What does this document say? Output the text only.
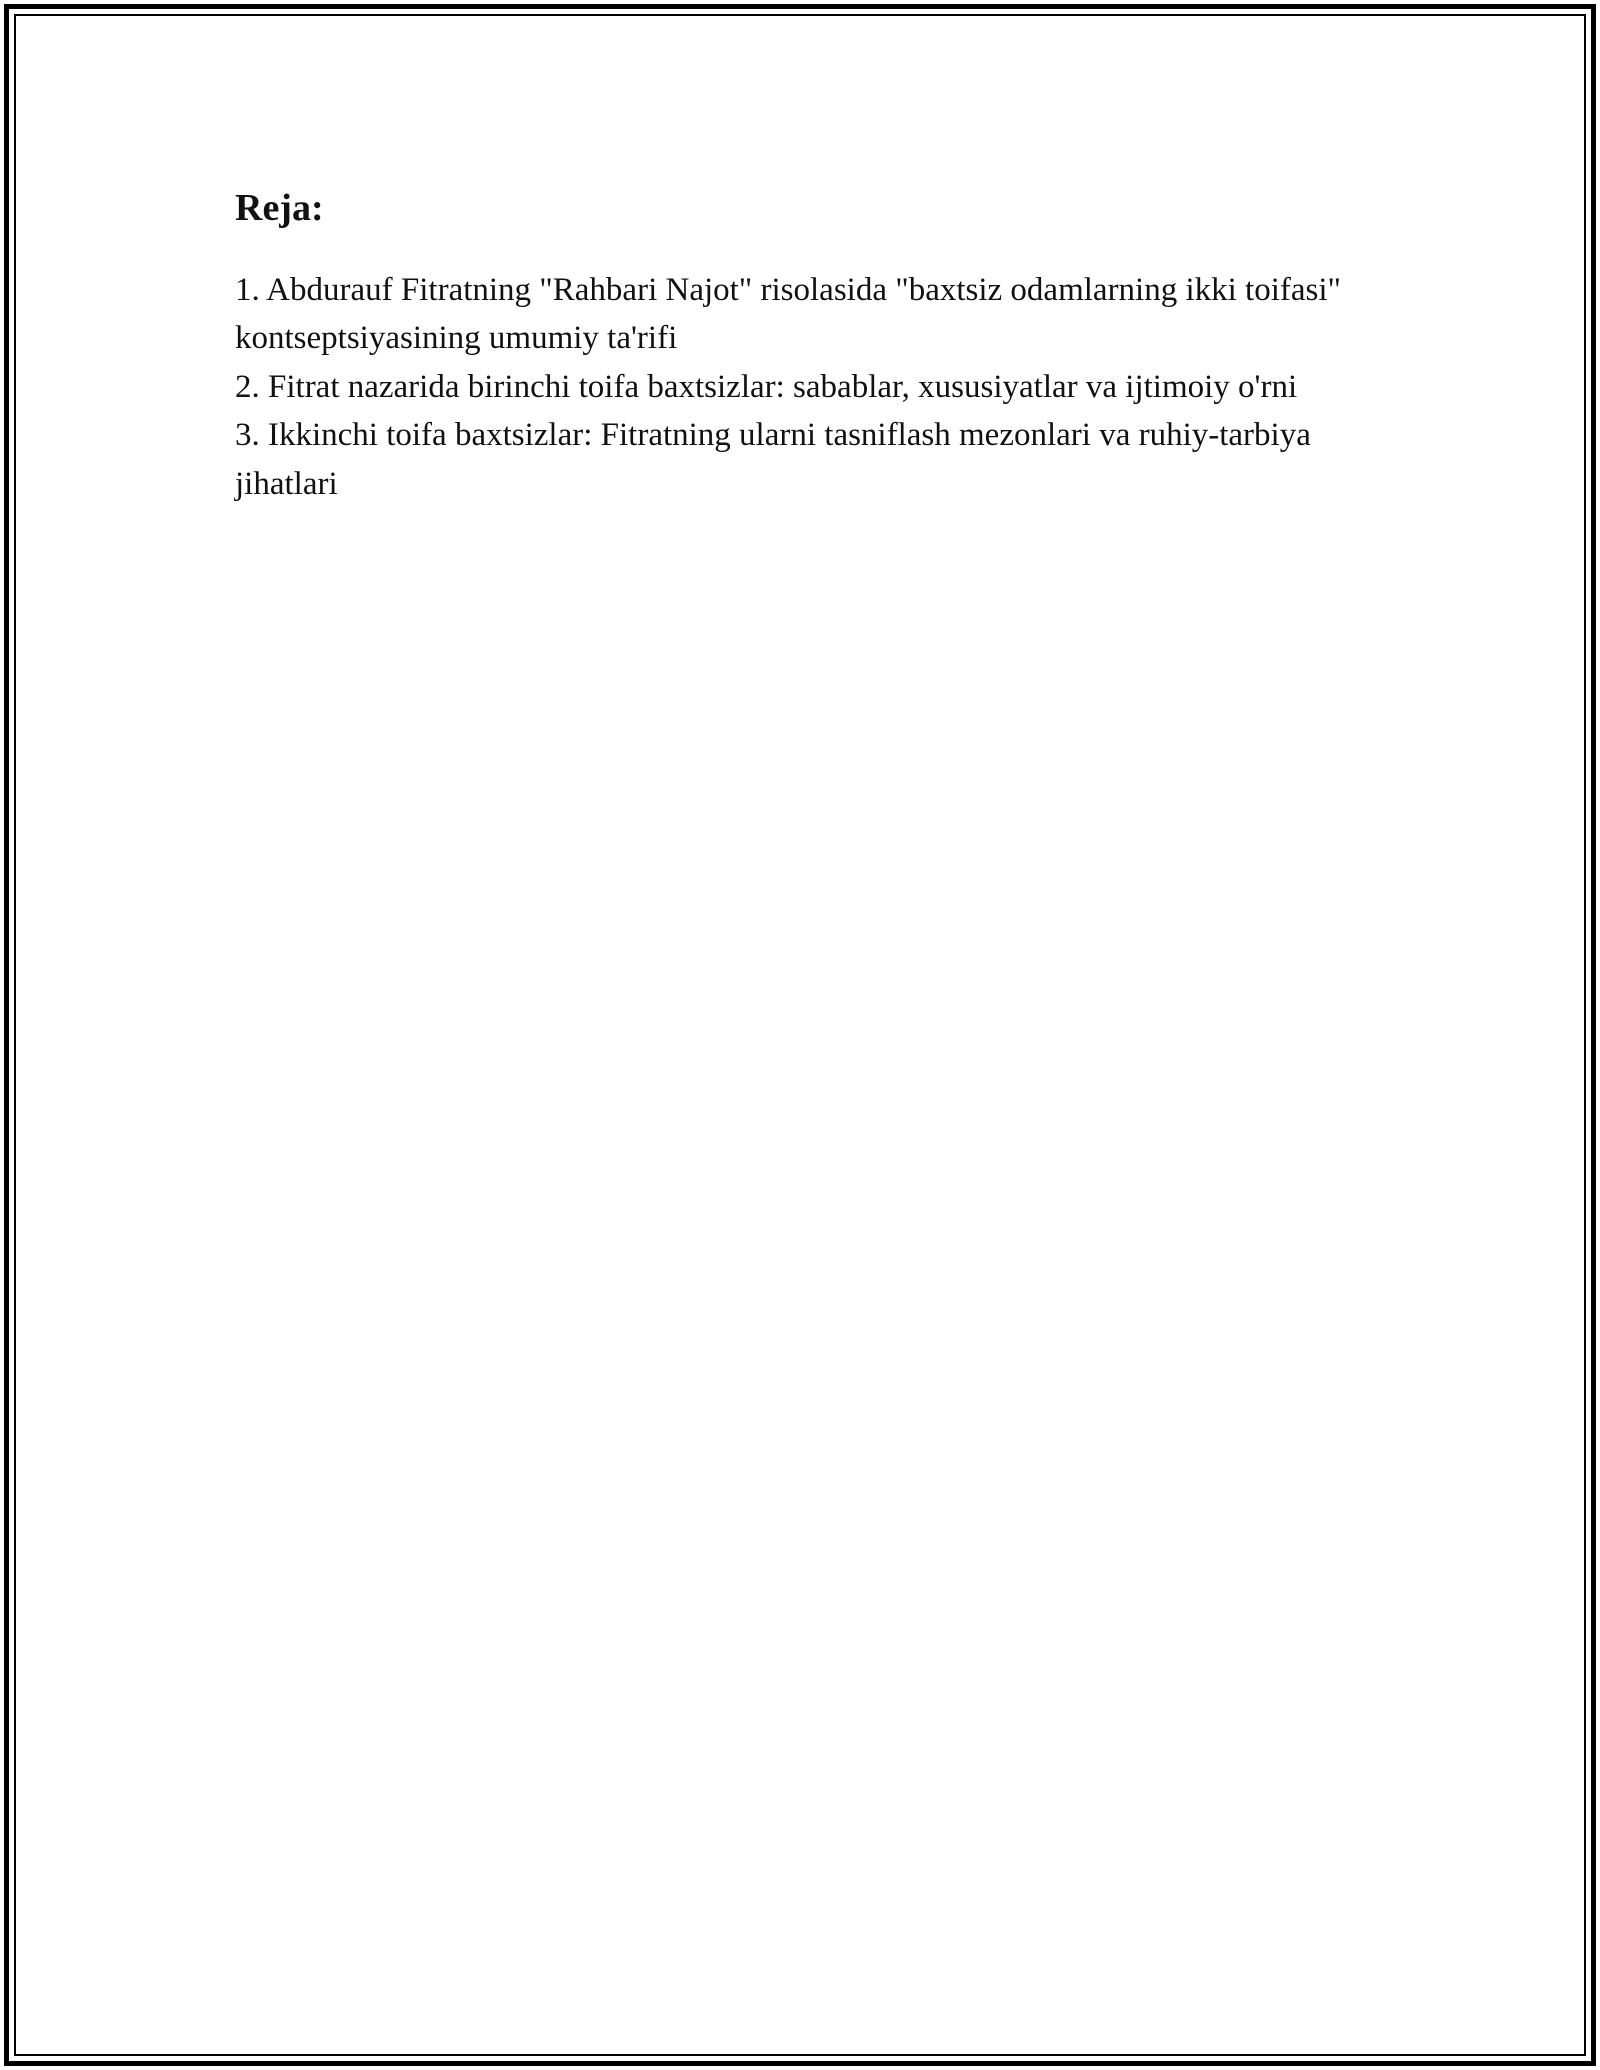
Reja:
1. Abdurauf Fitratning "Rahbari Najot" risolasida "baxtsiz odamlarning ikki toifasi" kontseptsiyasining umumiy ta'rifi
2. Fitrat nazarida birinchi toifa baxtsizlar: sabablar, xususiyatlar va ijtimoiy o'rni
3. Ikkinchi toifa baxtsizlar: Fitratning ularni tasniflash mezonlari va ruhiy-tarbiya jihatlari
